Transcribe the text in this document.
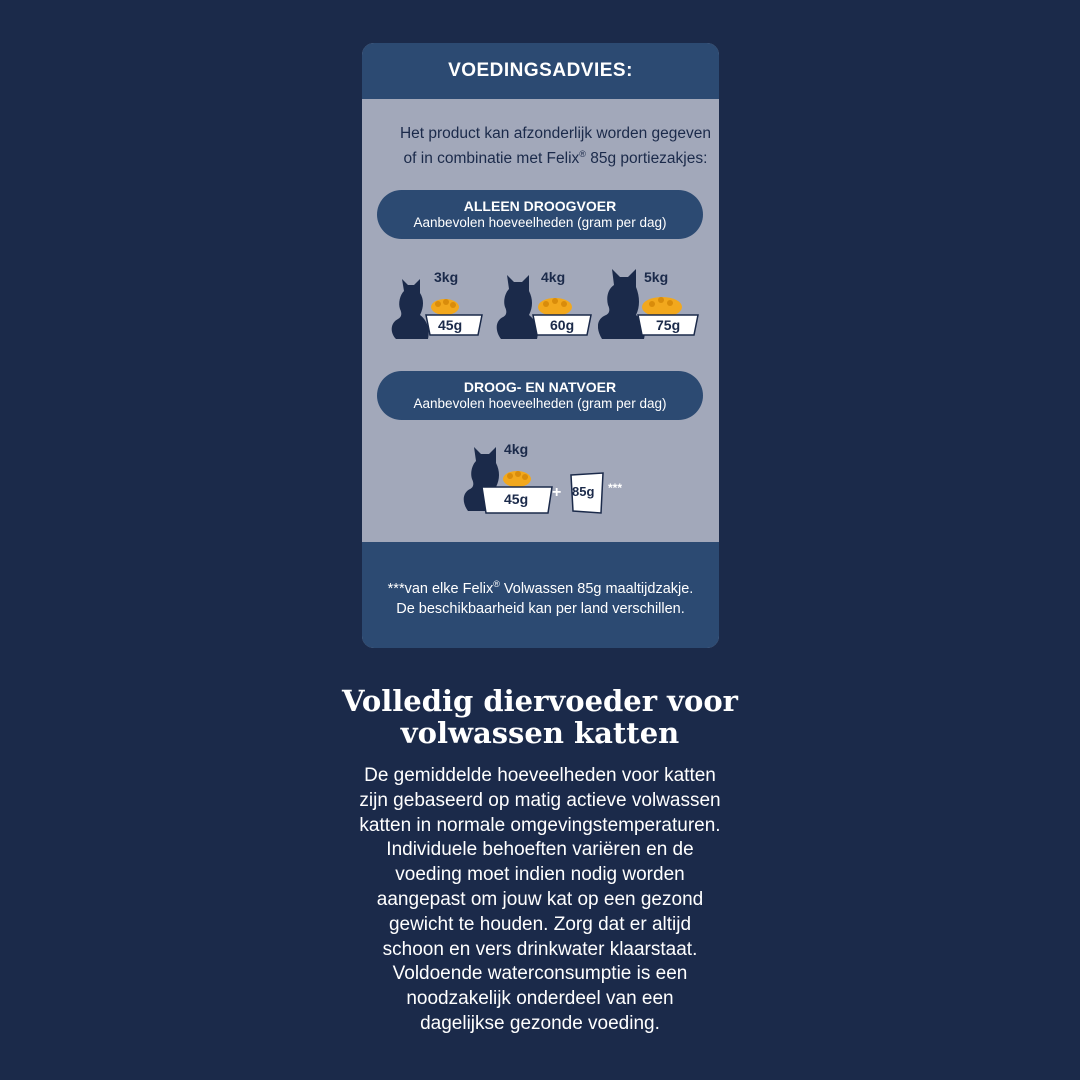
VOEDINGSADVIES:
Het product kan afzonderlijk worden gegeven
of in combinatie met Felix® 85g portiezakjes:
ALLEEN DROOGVOER
Aanbevolen hoeveelheden (gram per dag)
3kg
45g
4kg
60g
5kg
75g
DROOG- EN NATVOER
Aanbevolen hoeveelheden (gram per dag)
4kg
45g + 85g ***
***van elke Felix® Volwassen 85g maaltijdzakje.
De beschikbaarheid kan per land verschillen.
Volledig diervoeder voor
volwassen katten
De gemiddelde hoeveelheden voor katten
zijn gebaseerd op matig actieve volwassen
katten in normale omgevingstemperaturen.
Individuele behoeften variëren en de
voeding moet indien nodig worden
aangepast om jouw kat op een gezond
gewicht te houden. Zorg dat er altijd
schoon en vers drinkwater klaarstaat.
Voldoende waterconsumptie is een
noodzakelijk onderdeel van een
dagelijkse gezonde voeding.
